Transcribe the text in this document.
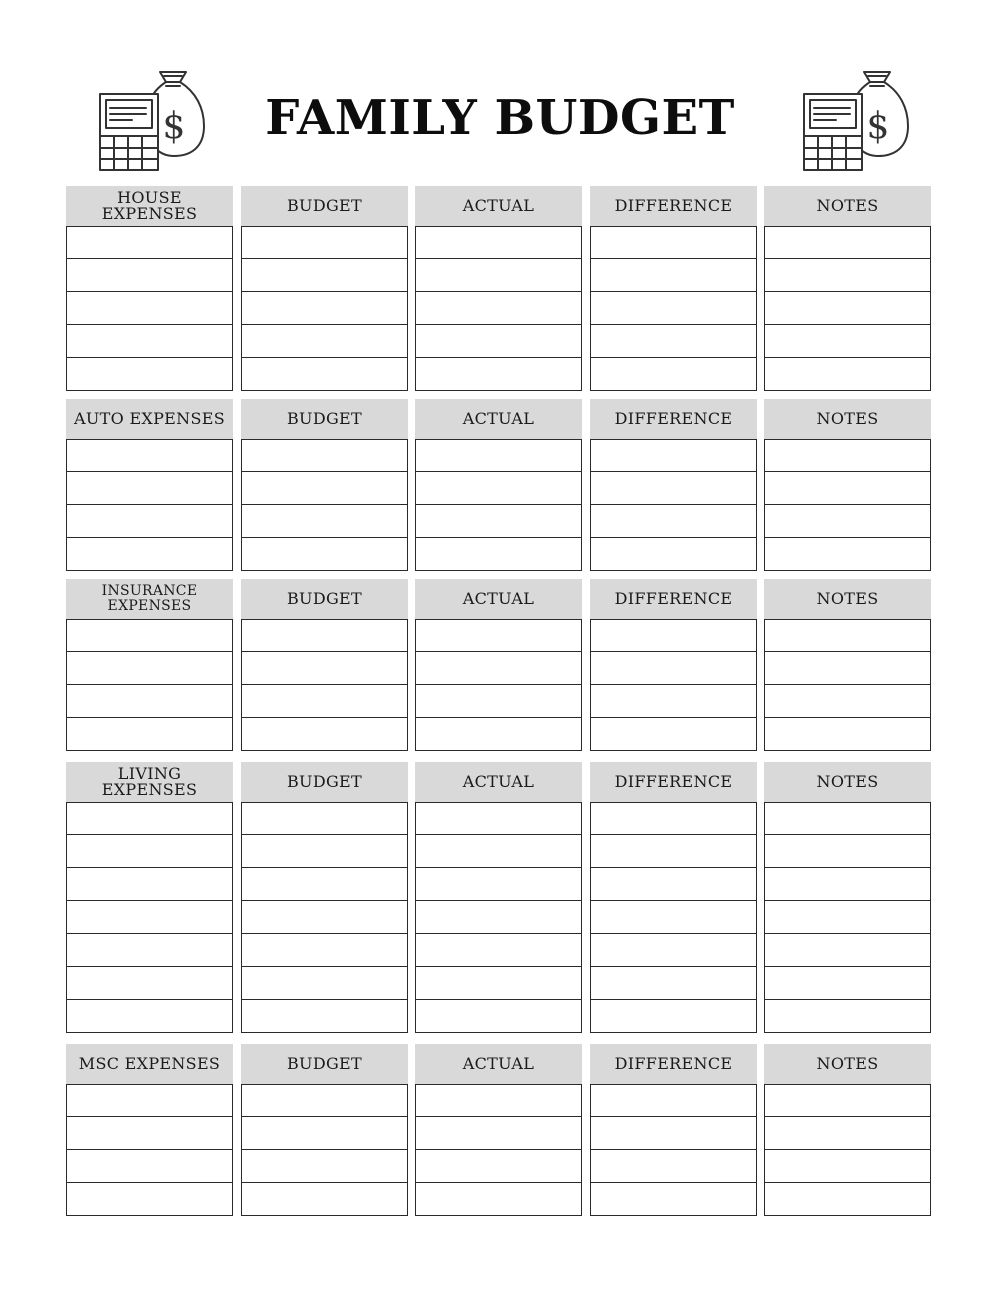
$	FAMILY BUDGET	$
HOUSE EXPENSES	BUDGET	ACTUAL	DIFFERENCE	NOTES
AUTO EXPENSES	BUDGET	ACTUAL	DIFFERENCE	NOTES
INSURANCE EXPENSES	BUDGET	ACTUAL	DIFFERENCE	NOTES
LIVING EXPENSES	BUDGET	ACTUAL	DIFFERENCE	NOTES
MSC EXPENSES	BUDGET	ACTUAL	DIFFERENCE	NOTES
